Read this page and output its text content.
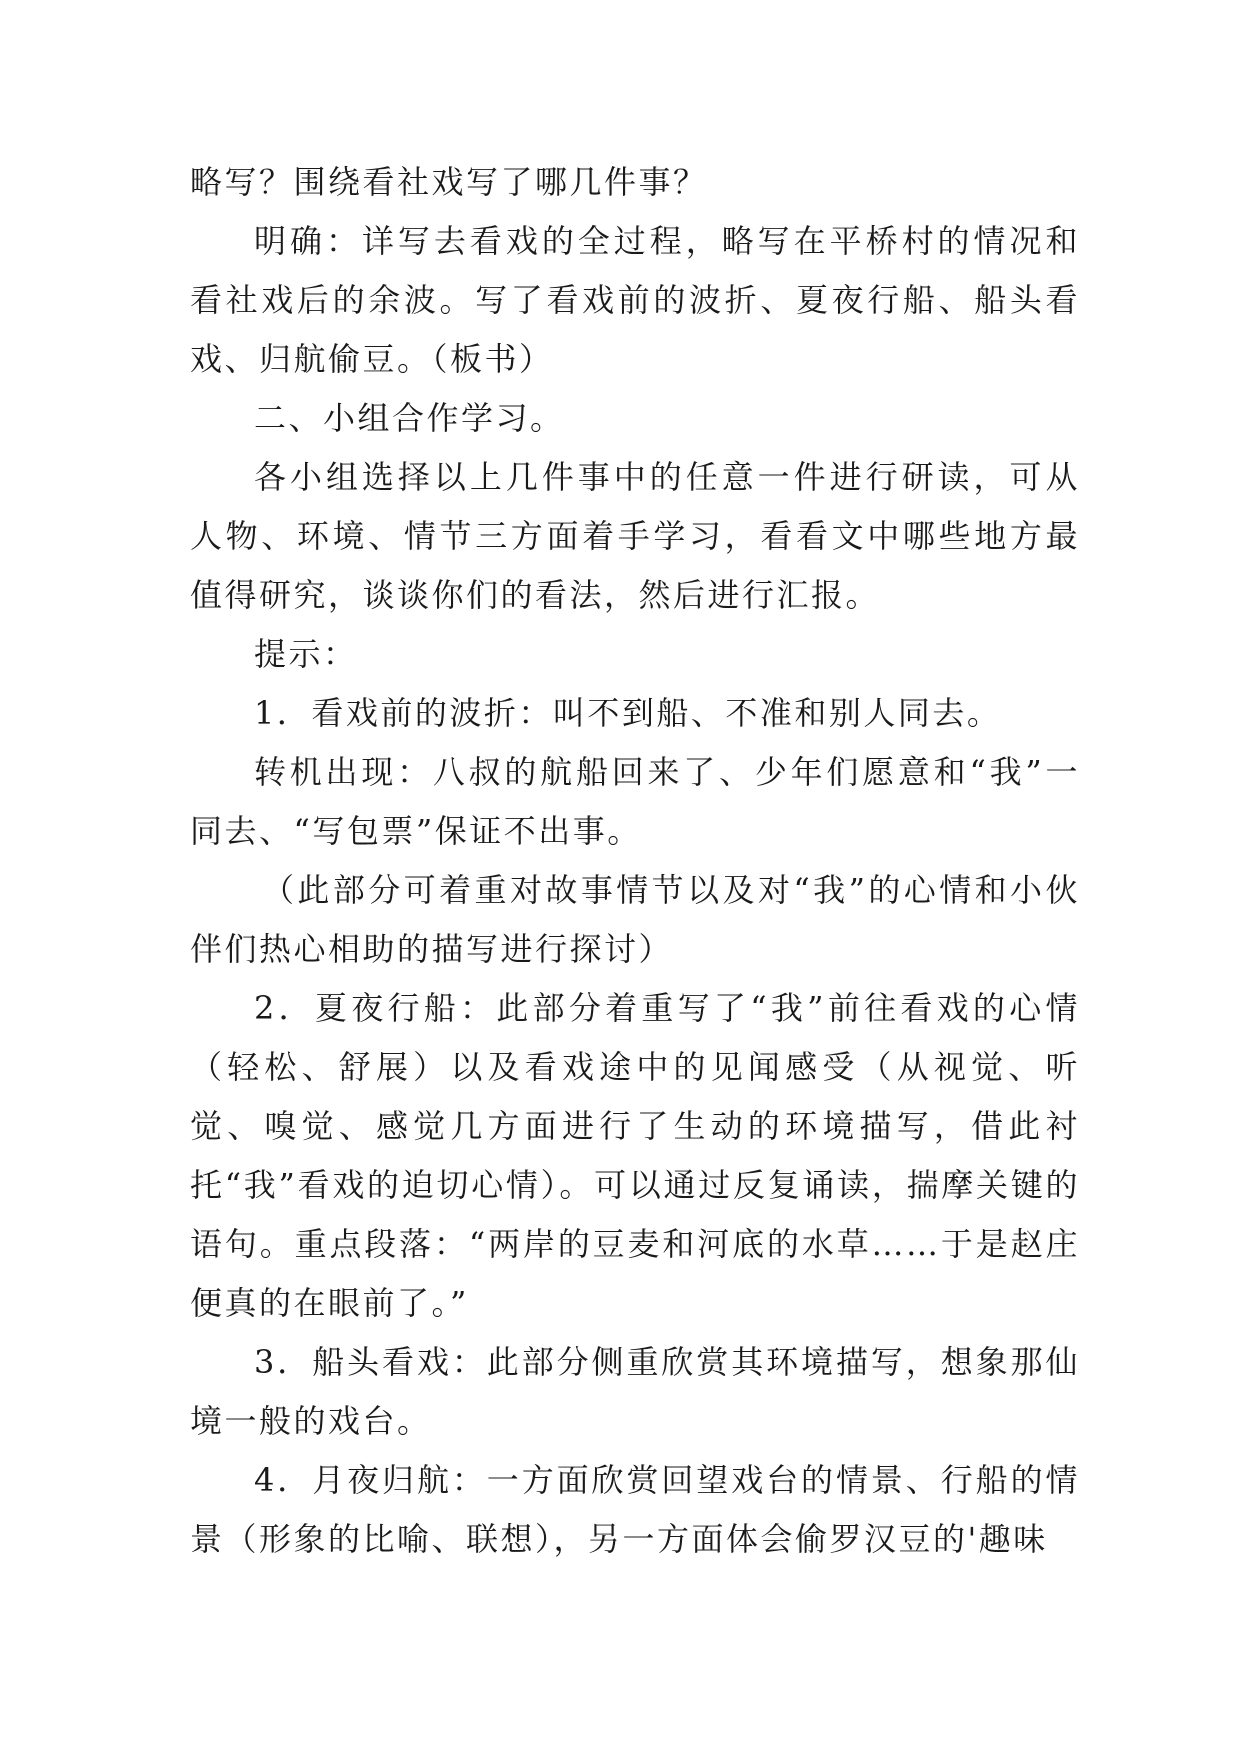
略写？围绕看社戏写了哪几件事？

明确：详写去看戏的全过程，略写在平桥村的情况和看社戏后的余波。写了看戏前的波折、夏夜行船、船头看戏、归航偷豆。（板书）

二、小组合作学习。

各小组选择以上几件事中的任意一件进行研读，可从人物、环境、情节三方面着手学习，看看文中哪些地方最值得研究，谈谈你们的看法，然后进行汇报。

提示：

1．看戏前的波折：叫不到船、不准和别人同去。

转机出现：八叔的航船回来了、少年们愿意和“我”一同去、“写包票”保证不出事。

（此部分可着重对故事情节以及对“我”的心情和小伙伴们热心相助的描写进行探讨）

2．夏夜行船：此部分着重写了“我”前往看戏的心情（轻松、舒展）以及看戏途中的见闻感受（从视觉、听觉、嗅觉、感觉几方面进行了生动的环境描写，借此衬托“我”看戏的迫切心情）。可以通过反复诵读，揣摩关键的语句。重点段落：“两岸的豆麦和河底的水草……于是赵庄便真的在眼前了。”

3．船头看戏：此部分侧重欣赏其环境描写，想象那仙境一般的戏台。

4．月夜归航：一方面欣赏回望戏台的情景、行船的情景（形象的比喻、联想），另一方面体会偷罗汉豆的'趣味
